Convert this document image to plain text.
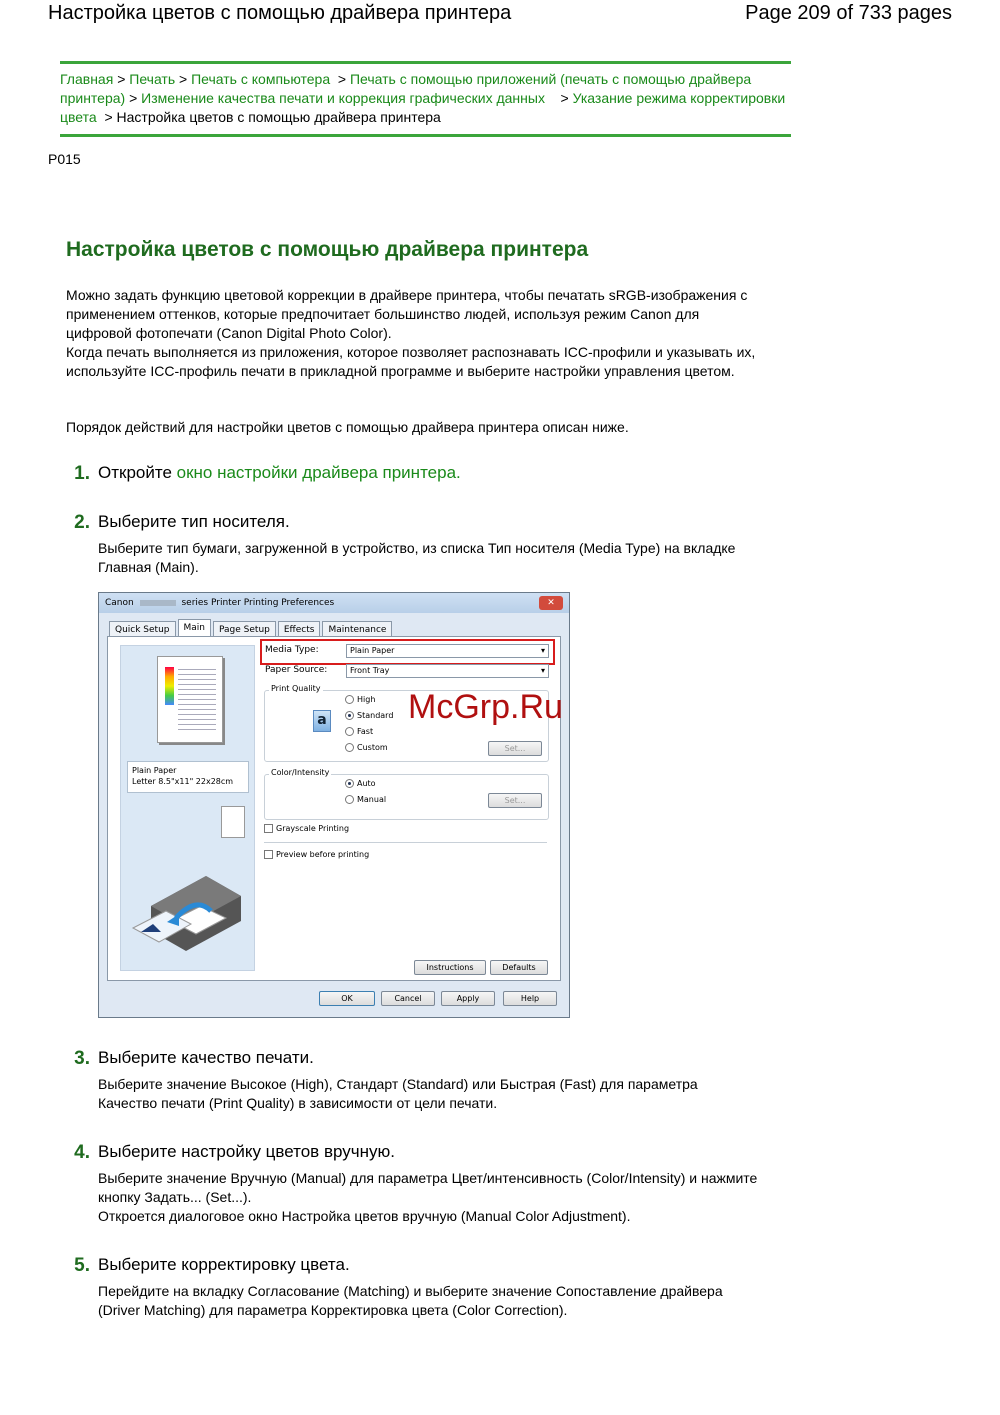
Настройка цветов с помощью драйвера принтера	Page 209 of 733 pages
Главная > Печать > Печать с компьютера > Печать с помощью приложений (печать с помощью драйвера принтера) > Изменение качества печати и коррекция графических данных > Указание режима корректировки цвета > Настройка цветов с помощью драйвера принтера
P015
Настройка цветов с помощью драйвера принтера
Можно задать функцию цветовой коррекции в драйвере принтера, чтобы печатать sRGB-изображения с применением оттенков, которые предпочитает большинство людей, используя режим Canon для цифровой фотопечати (Canon Digital Photo Color).
Когда печать выполняется из приложения, которое позволяет распознавать ICC-профили и указывать их, используйте ICC-профиль печати в прикладной программе и выберите настройки управления цветом.
Порядок действий для настройки цветов с помощью драйвера принтера описан ниже.
1. Откройте окно настройки драйвера принтера.
2. Выберите тип носителя.
Выберите тип бумаги, загруженной в устройство, из списка Тип носителя (Media Type) на вкладке Главная (Main).
Canon	series Printer Printing Preferences	✕
Quick Setup	Main	Page Setup	Effects	Maintenance
Plain Paper
Letter 8.5"x11" 22x28cm
Media Type:	Plain Paper ▾
Paper Source:	Front Tray ▾
Print Quality
a
High
Standard
Fast
Custom	Set...
Color/Intensity
Auto
Manual	Set...
Grayscale Printing
Preview before printing
Instructions	Defaults
OK	Cancel	Apply	Help
McGrp.Ru
3. Выберите качество печати.
Выберите значение Высокое (High), Стандарт (Standard) или Быстрая (Fast) для параметра Качество печати (Print Quality) в зависимости от цели печати.
4. Выберите настройку цветов вручную.
Выберите значение Вручную (Manual) для параметра Цвет/интенсивность (Color/Intensity) и нажмите кнопку Задать... (Set...).
Откроется диалоговое окно Настройка цветов вручную (Manual Color Adjustment).
5. Выберите корректировку цвета.
Перейдите на вкладку Согласование (Matching) и выберите значение Сопоставление драйвера (Driver Matching) для параметра Корректировка цвета (Color Correction).
